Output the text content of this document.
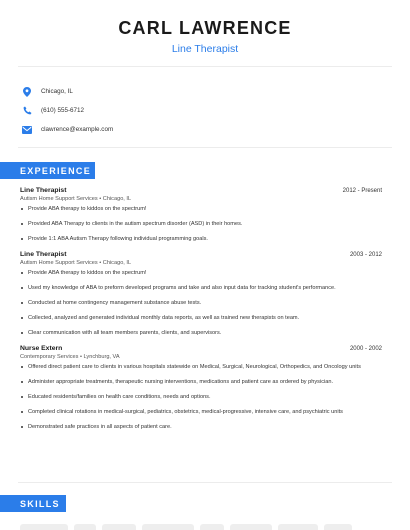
CARL LAWRENCE
Line Therapist
Chicago, IL
(610) 555-6712
clawrence@example.com
EXPERIENCE
Line Therapist	2012 - Present
Autism Home Support Services • Chicago, IL
Provide ABA therapy to kiddos on the spectrum!
Provided ABA Therapy to clients in the autism spectrum disorder (ASD) in their homes.
Provide 1:1 ABA Autism Therapy following individual programming goals.
Line Therapist	2003 - 2012
Autism Home Support Services • Chicago, IL
Provide ABA therapy to kiddos on the spectrum!
Used my knowledge of ABA to preform developed programs and take and also input data for tracking student's performance.
Conducted at home contingency management substance abuse tests.
Collected, analyzed and generated individual monthly data reports, as well as trained new therapists on team.
Clear communication with all team members parents, clients, and supervisors.
Nurse Extern	2000 - 2002
Contemporary Services • Lynchburg, VA
Offered direct patient care to clients in various hospitals statewide on Medical, Surgical, Neurological, Orthopedics, and Oncology units
Administer appropriate treatments, therapeutic nursing interventions, medications and patient care as ordered by physician.
Educated residents/families on health care conditions, needs and options.
Completed clinical rotations in medical-surgical, pediatrics, obstetrics, medical-progressive, intensive care, and psychiatric units
Demonstrated safe practices in all aspects of patient care.
SKILLS
